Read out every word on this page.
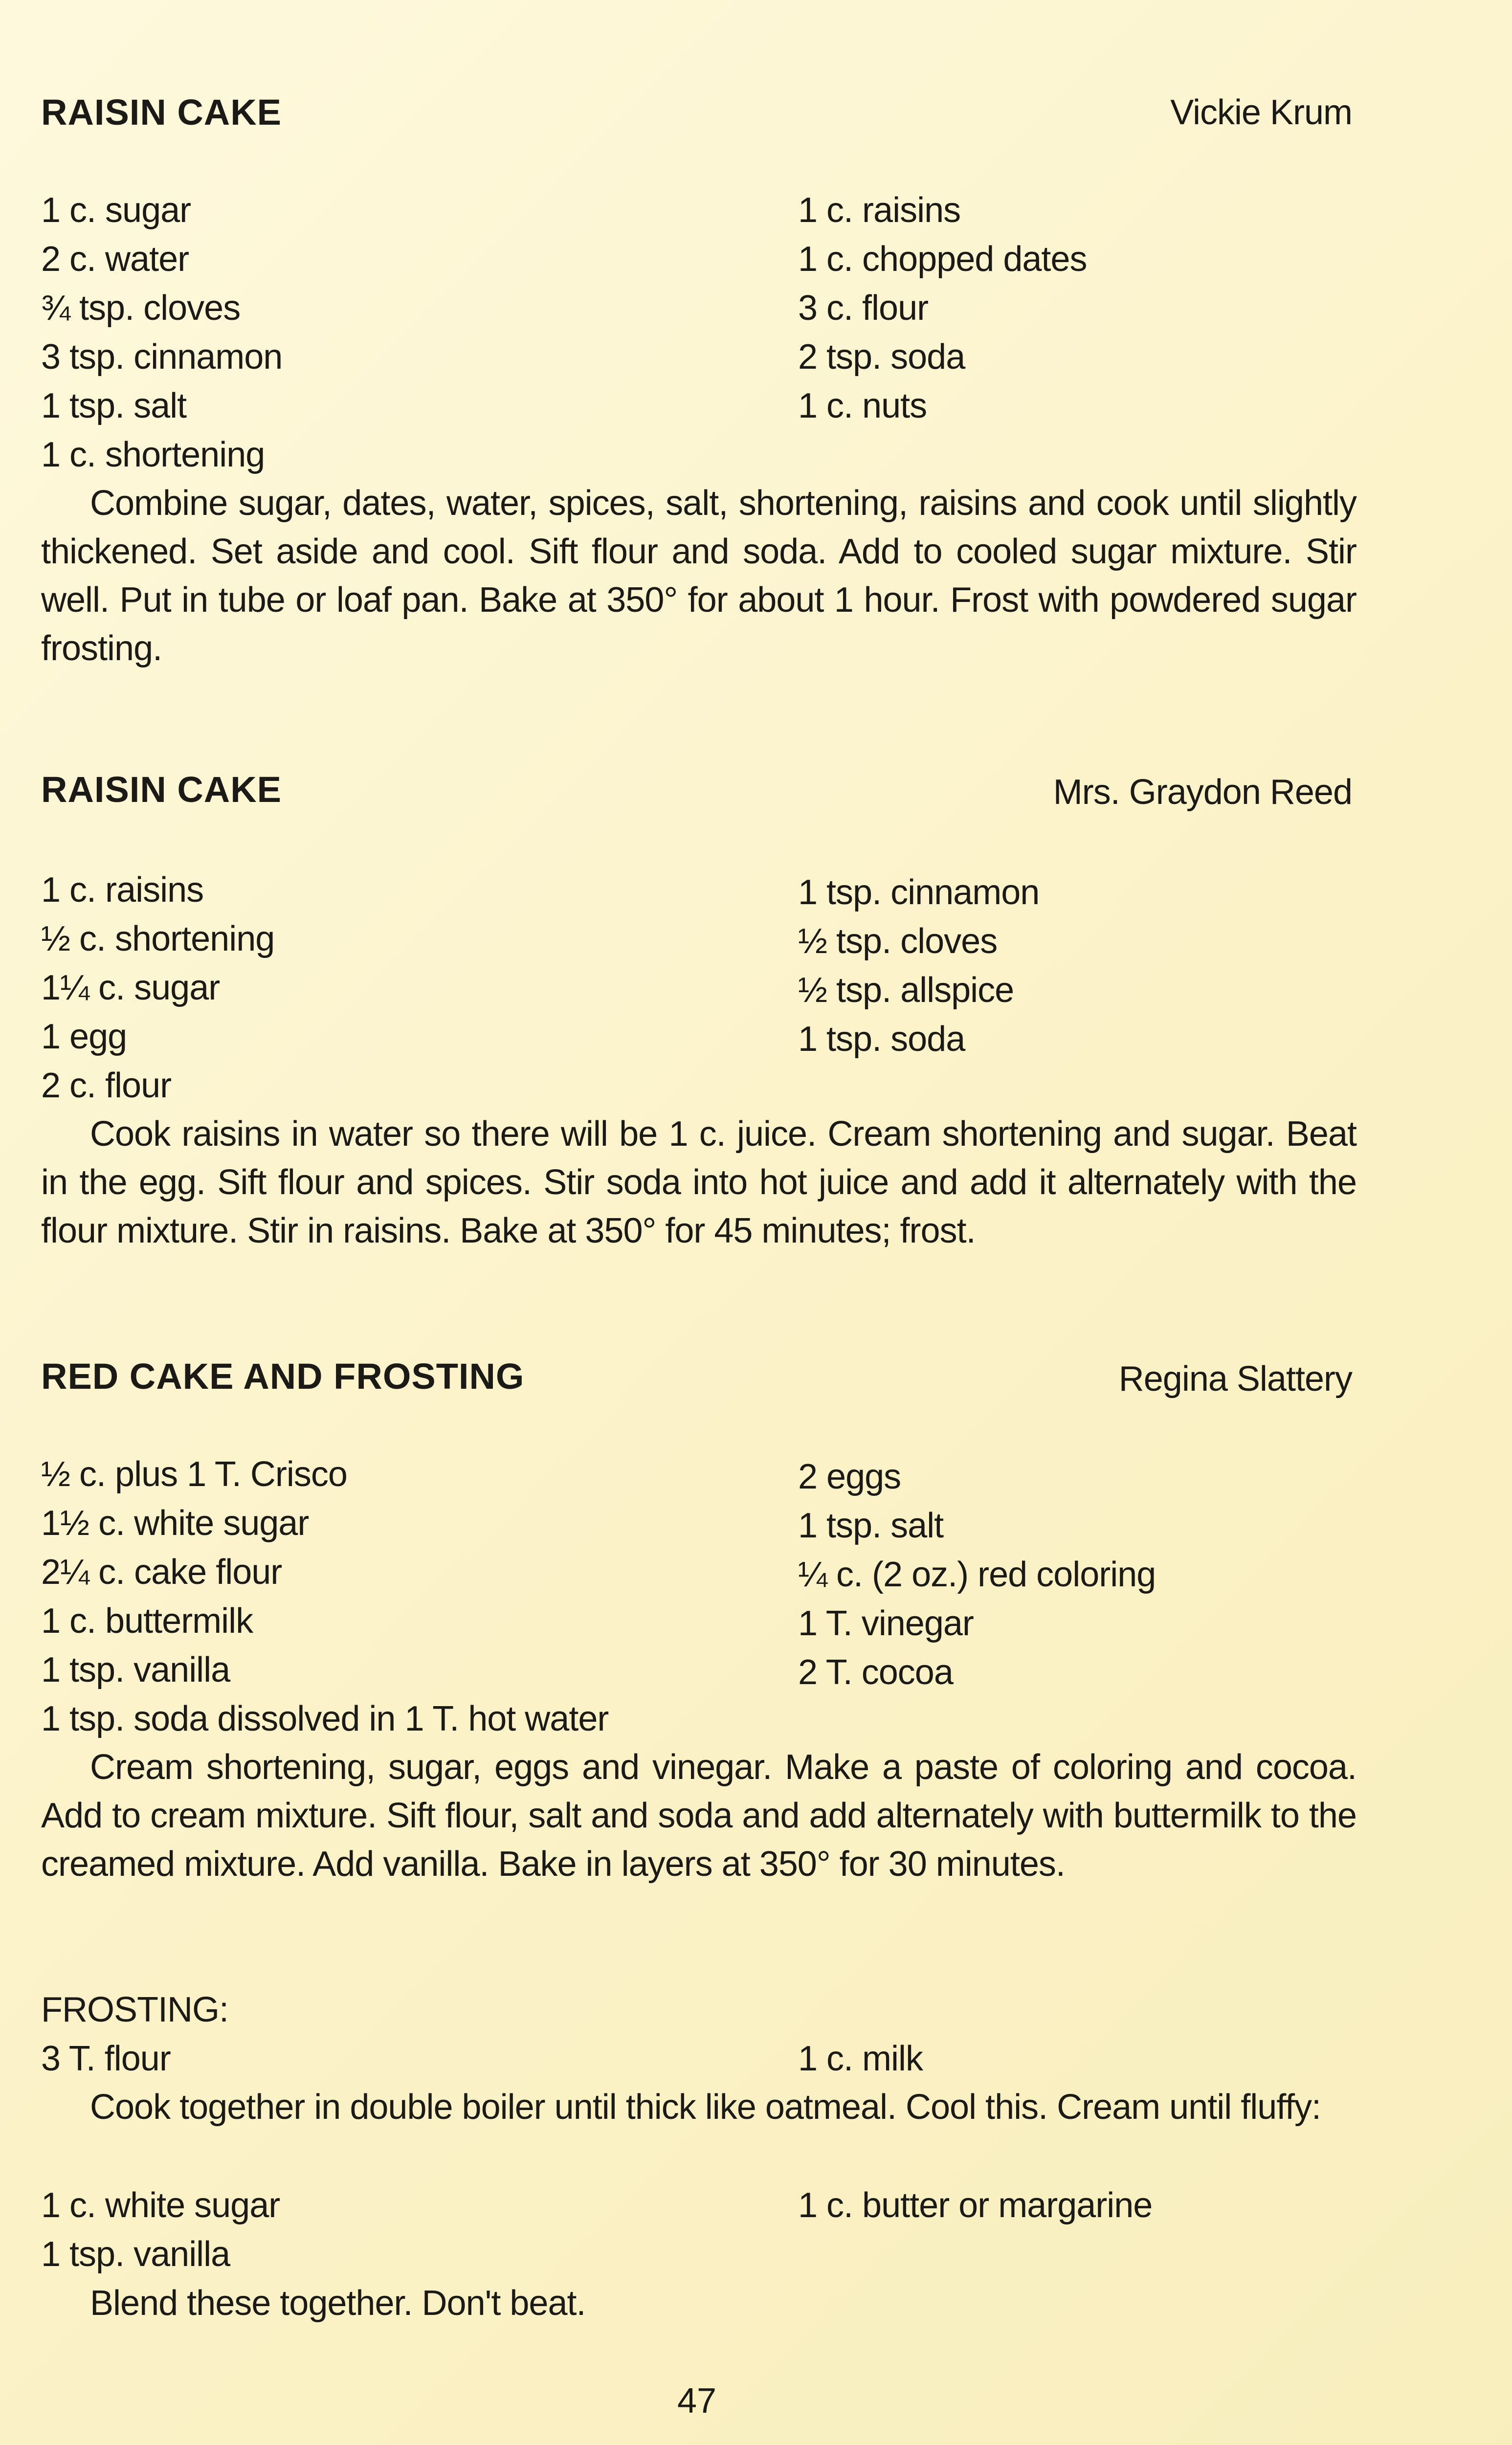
RAISIN CAKE	Vickie Krum
1 c. sugar
2 c. water
¾ tsp. cloves
3 tsp. cinnamon
1 tsp. salt
1 c. shortening
1 c. raisins
1 c. chopped dates
3 c. flour
2 tsp. soda
1 c. nuts
Combine sugar, dates, water, spices, salt, shortening, raisins and cook until slightly thickened. Set aside and cool. Sift flour and soda. Add to cooled sugar mixture. Stir well. Put in tube or loaf pan. Bake at 350° for about 1 hour. Frost with powdered sugar frosting.
RAISIN CAKE	Mrs. Graydon Reed
1 c. raisins
½ c. shortening
1¼ c. sugar
1 egg
2 c. flour
1 tsp. cinnamon
½ tsp. cloves
½ tsp. allspice
1 tsp. soda
Cook raisins in water so there will be 1 c. juice. Cream shortening and sugar. Beat in the egg. Sift flour and spices. Stir soda into hot juice and add it alternately with the flour mixture. Stir in raisins. Bake at 350° for 45 minutes; frost.
RED CAKE AND FROSTING	Regina Slattery
½ c. plus 1 T. Crisco
1½ c. white sugar
2¼ c. cake flour
1 c. buttermilk
1 tsp. vanilla
1 tsp. soda dissolved in 1 T. hot water
2 eggs
1 tsp. salt
¼ c. (2 oz.) red coloring
1 T. vinegar
2 T. cocoa
Cream shortening, sugar, eggs and vinegar. Make a paste of coloring and cocoa. Add to cream mixture. Sift flour, salt and soda and add alternately with buttermilk to the creamed mixture. Add vanilla. Bake in layers at 350° for 30 minutes.
FROSTING:
3 T. flour	1 c. milk
Cook together in double boiler until thick like oatmeal. Cool this. Cream until fluffy:
1 c. white sugar	1 c. butter or margarine
1 tsp. vanilla
Blend these together. Don't beat.
47
